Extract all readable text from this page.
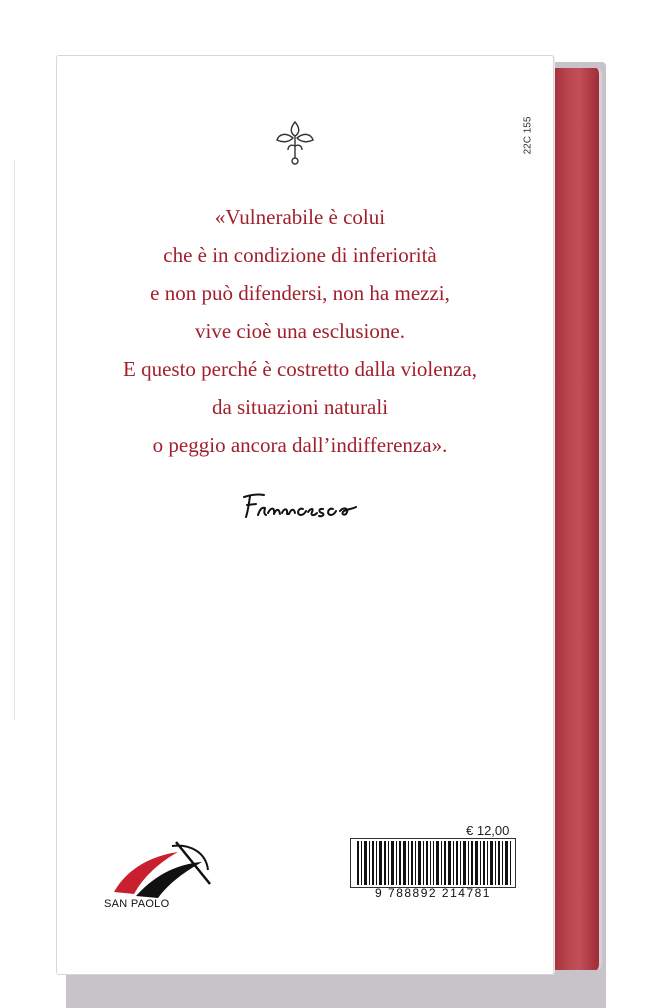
22C 155
«Vulnerabile è colui
che è in condizione di inferiorità
e non può difendersi, non ha mezzi,
vive cioè una esclusione.
E questo perché è costretto dalla violenza,
da situazioni naturali
o peggio ancora dall’indifferenza».
€ 12,00
9 788892 214781
SAN PAOLO
